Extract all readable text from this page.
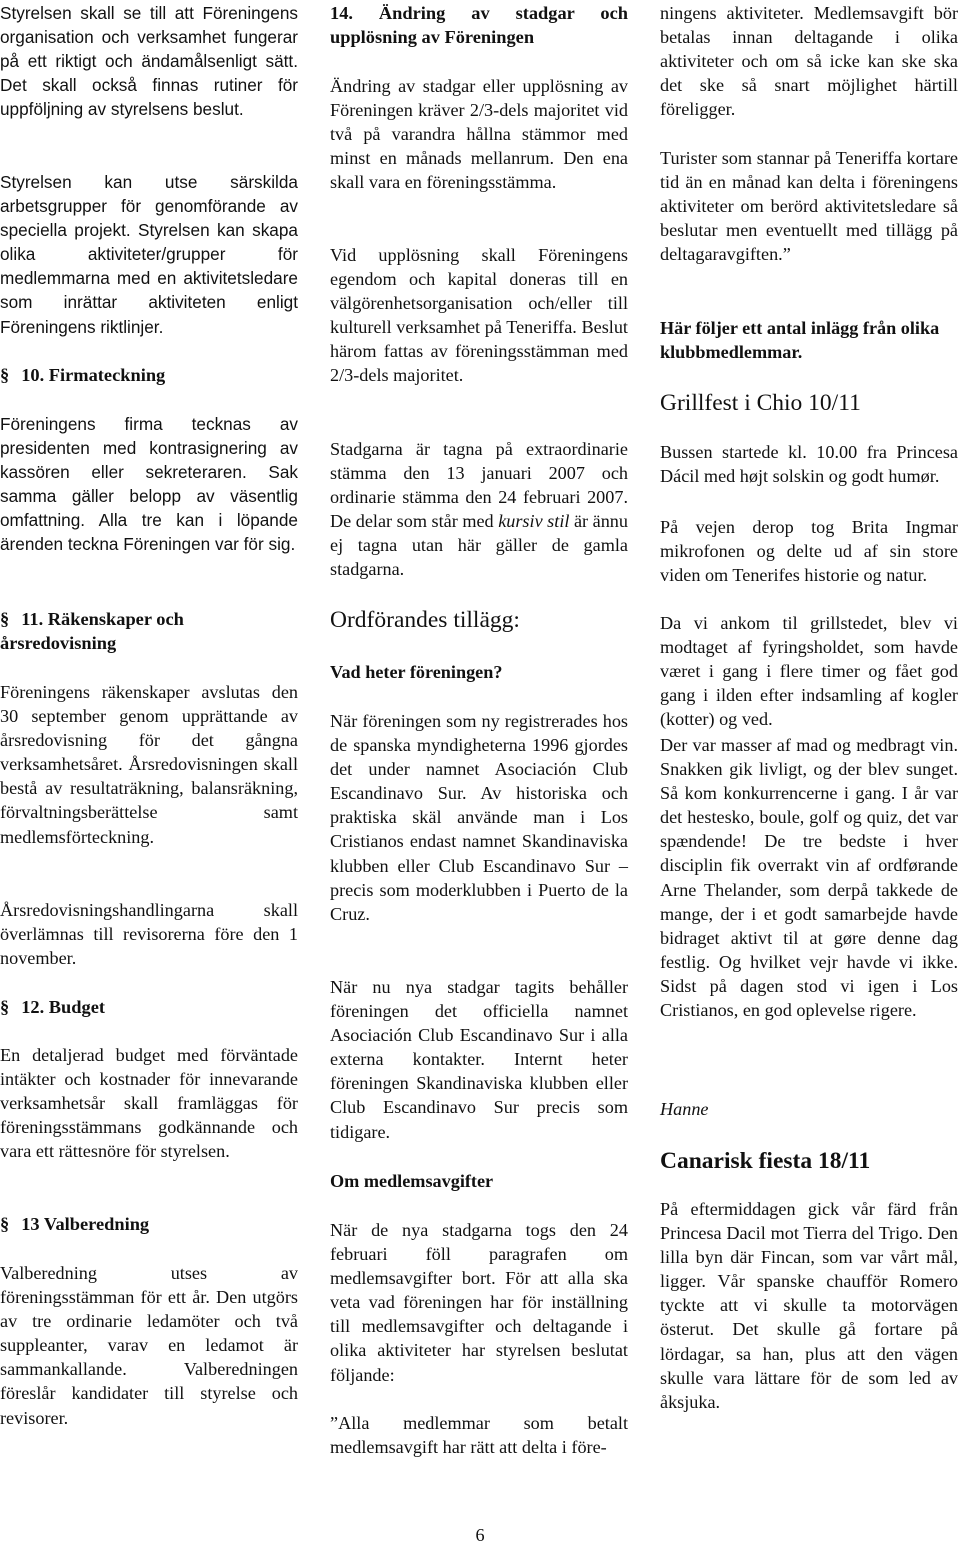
Styrelsen skall se till att Föreningens organisation och verksamhet fungerar på ett riktigt och ändamålsenligt sätt. Det skall också finnas rutiner för uppföljning av styrelsens beslut.

Styrelsen kan utse särskilda arbetsgrupper för genomförande av speciella projekt. Styrelsen kan skapa olika aktiviteter/grupper för medlemmarna med en aktivitetsledare som inrättar aktiviteten enligt Föreningens riktlinjer.

§ 10. Firmateckning

Föreningens firma tecknas av presidenten med kontrasignering av kassören eller sekreteraren. Sak samma gäller belopp av väsentlig omfattning. Alla tre kan i löpande ärenden teckna Föreningen var för sig.

§ 11. Räkenskaper och årsredovisning

Föreningens räkenskaper avslutas den 30 september genom upprättande av årsredovisning för det gångna verksamhetsåret. Årsredovisningen skall bestå av resultaträkning, balansräkning, förvaltningsberättelse samt medlemsförteckning.

Årsredovisningshandlingarna skall överlämnas till revisorerna före den 1 november.

§ 12. Budget

En detaljerad budget med förväntade intäkter och kostnader för innevarande verksamhetsår skall framläggas för föreningsstämmans godkännande och vara ett rättesnöre för styrelsen.

§ 13 Valberedning

Valberedning utses av föreningsstämman för ett år. Den utgörs av tre ordinarie ledamöter och två suppleanter, varav en ledamot är sammankallande. Valberedningen föreslår kandidater till styrelse och revisorer.

14. Ändring av stadgar och upplösning av Föreningen

Ändring av stadgar eller upplösning av Föreningen kräver 2/3-dels majoritet vid två på varandra hållna stämmor med minst en månads mellanrum. Den ena skall vara en föreningsstämma.

Vid upplösning skall Föreningens egendom och kapital doneras till en välgörenhetsorganisation och/eller till kulturell verksamhet på Teneriffa. Beslut härom fattas av föreningsstämman med 2/3-dels majoritet.

Stadgarna är tagna på extraordinarie stämma den 13 januari 2007 och ordinarie stämma den 24 februari 2007. De delar som står med kursiv stil är ännu ej tagna utan här gäller de gamla stadgarna.

Ordförandes tillägg:
Vad heter föreningen?

När föreningen som ny registrerades hos de spanska myndigheterna 1996 gjordes det under namnet Asociación Club Escandinavo Sur. Av historiska och praktiska skäl använde man i Los Cristianos endast namnet Skandinaviska klubben eller Club Escandinavo Sur – precis som moderklubben i Puerto de la Cruz.

När nu nya stadgar tagits behåller föreningen det officiella namnet Asociación Club Escandinavo Sur i alla externa kontakter. Internt heter föreningen Skandinaviska klubben eller Club Escandinavo Sur precis som tidigare.

Om medlemsavgifter

När de nya stadgarna togs den 24 februari föll paragrafen om medlemsavgifter bort. För att alla ska veta vad föreningen har för inställning till medlemsavgifter och deltagande i olika aktiviteter har styrelsen beslutat följande:

”Alla medlemmar som betalt medlemsavgift har rätt att delta i före-

ningens aktiviteter. Medlemsavgift bör betalas innan deltagande i olika aktiviteter och om så icke kan ske ska det ske så snart möjlighet härtill föreligger.

Turister som stannar på Teneriffa kortare tid än en månad kan delta i föreningens aktiviteter om berörd aktivitetsledare så beslutar men eventuellt med tillägg på deltagaravgiften.”

Här följer ett antal inlägg från olika klubbmedlemmar.
Grillfest i Chio 10/11

Bussen startede kl. 10.00 fra Princesa Dácil med højt solskin og godt humør.

På vejen derop tog Brita Ingmar mikrofonen og delte ud af sin store viden om Tenerifes historie og natur.

Da vi ankom til grillstedet, blev vi modtaget af fyringsholdet, som havde været i gang i flere timer og fået god gang i ilden efter indsamling af kogler (kotter) og ved.

Der var masser af mad og medbragt vin. Snakken gik livligt, og der blev sunget. Så kom konkurrencerne i gang. I år var det hestesko, boule, golf og quiz, det var spændende! De tre bedste i hver disciplin fik overrakt vin af ordførande Arne Thelander, som derpå takkede de mange, der i et godt samarbejde havde bidraget aktivt til at gøre denne dag festlig. Og hvilket vejr havde vi ikke. Sidst på dagen stod vi igen i Los Cristianos, en god oplevelse rigere.

Hanne

Canarisk fiesta 18/11

På eftermiddagen gick vår färd från Princesa Dacil mot Tierra del Trigo. Den lilla byn där Fincan, som var vårt mål, ligger. Vår spanske chaufför Romero tyckte att vi skulle ta motorvägen österut. Det skulle gå fortare på lördagar, sa han, plus att den vägen skulle vara lättare för de som led av åksjuka.

6
